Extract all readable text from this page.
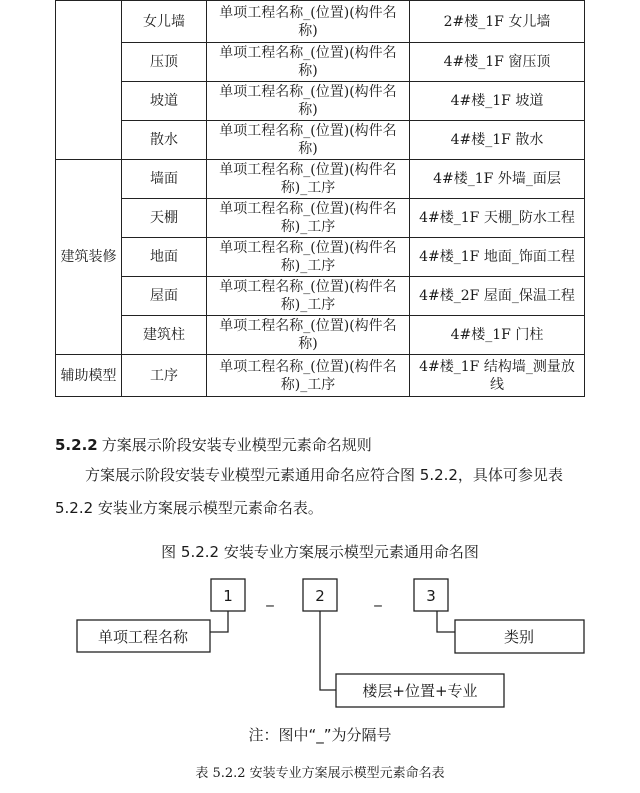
	女儿墙	单项工程名称_(位置)(构件名称)	2#楼_1F 女儿墙
	压顶	单项工程名称_(位置)(构件名称)	4#楼_1F 窗压顶
	坡道	单项工程名称_(位置)(构件名称)	4#楼_1F 坡道
	散水	单项工程名称_(位置)(构件名称)	4#楼_1F 散水
建筑装修	墙面	单项工程名称_(位置)(构件名称)_工序	4#楼_1F 外墙_面层
	天棚	单项工程名称_(位置)(构件名称)_工序	4#楼_1F 天棚_防水工程
	地面	单项工程名称_(位置)(构件名称)_工序	4#楼_1F 地面_饰面工程
	屋面	单项工程名称_(位置)(构件名称)_工序	4#楼_2F 屋面_保温工程
	建筑柱	单项工程名称_(位置)(构件名称)	4#楼_1F 门柱
辅助模型	工序	单项工程名称_(位置)(构件名称)_工序	4#楼_1F 结构墙_测量放线
5.2.2 方案展示阶段安装专业模型元素命名规则
方案展示阶段安装专业模型元素通用命名应符合图 5.2.2，具体可参见表 5.2.2 安装业方案展示模型元素命名表。
图 5.2.2 安装专业方案展示模型元素通用命名图
1 _	2	_	3
单项工程名称
楼层+位置+专业
类别
注：图中“_”为分隔号
表 5.2.2 安装专业方案展示模型元素命名表
